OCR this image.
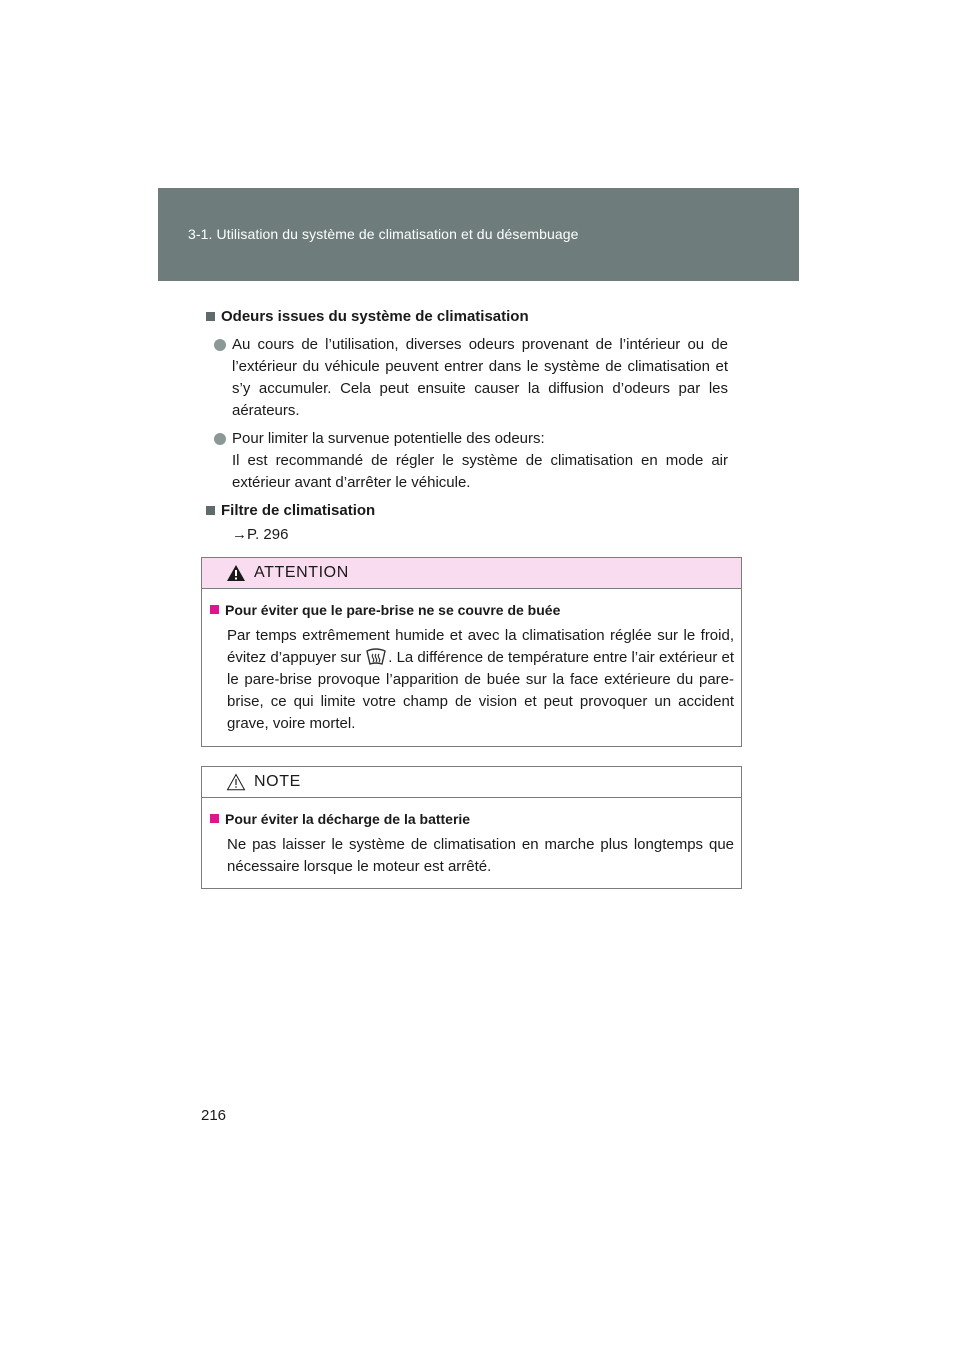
3-1. Utilisation du système de climatisation et du désembuage
Odeurs issues du système de climatisation
Au cours de l’utilisation, diverses odeurs provenant de l’intérieur ou de l’extérieur du véhicule peuvent entrer dans le système de climatisation et s’y accumuler. Cela peut ensuite causer la diffusion d’odeurs par les aérateurs.
Pour limiter la survenue potentielle des odeurs:
Il est recommandé de régler le système de climatisation en mode air extérieur avant d’arrêter le véhicule.
Filtre de climatisation
→P. 296
ATTENTION
Pour éviter que le pare-brise ne se couvre de buée
Par temps extrêmement humide et avec la climatisation réglée sur le froid, évitez d’appuyer sur . La différence de température entre l’air extérieur et le pare-brise provoque l’apparition de buée sur la face extérieure du pare-brise, ce qui limite votre champ de vision et peut provoquer un accident grave, voire mortel.
NOTE
Pour éviter la décharge de la batterie
Ne pas laisser le système de climatisation en marche plus longtemps que nécessaire lorsque le moteur est arrêté.
216
